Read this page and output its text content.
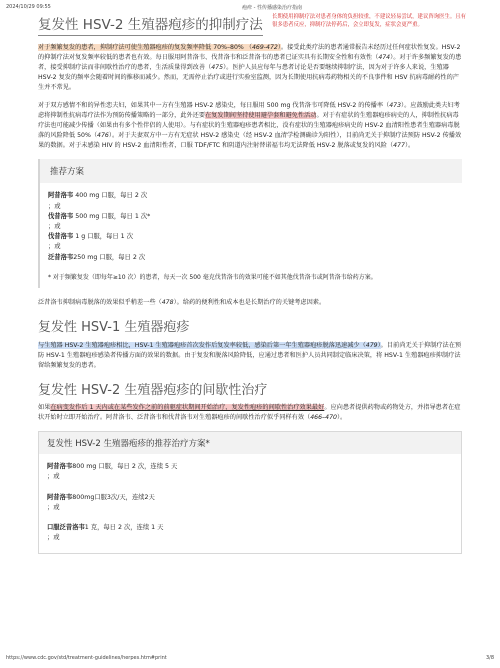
2024/10/29 09:55	疱疹 - 性传播感染治疗指南
复发性 HSV-2 生殖器疱疹的抑制疗法 长期使用抑制疗法对患者身体的负担较重，不建议轻易尝试，建议咨询医生。且有很多患者反应，抑制疗法停药后，会立即复发，症状会更严重。

对于频繁复发的患者，抑制疗法可使生殖器疱疹的复发频率降低 70%–80% （469-472）。接受此类疗法的患者通常报告未经历过任何症状性复发。HSV-2 的抑制疗法对复发频率较低的患者也有效。每日服用阿昔洛韦、伐昔洛韦和泛昔洛韦的患者已证实具有长期安全性和有效性（474）。对于许多频繁复发的患者，接受抑制疗法而非间歇性治疗的患者，生活质量得到改善（475）。医护人员应每年与患者讨论是否要继续抑制疗法，因为对于许多人来说，生殖器 HSV-2 复发的频率会随着时间的推移而减少。然而，无需停止治疗或进行实验室监测，因为长期使用抗病毒药物相关的不良事件和 HSV 抗病毒耐药性的产生并不常见。

对于双方感情不和的异性恋夫妇，如果其中一方有生殖器 HSV-2 感染史，每日服用 500 mg 伐昔洛韦可降低 HSV-2 的传播率（473）。应鼓励此类夫妇考虑将抑制性抗病毒疗法作为预防传播策略的一部分，此外还要在复发期间坚持使用避孕套和避免性活动。对于有症状的生殖器疱疹病史的人，抑制性抗病毒疗法也可能减少传播（如果由有多个性伴侣的人使用）。与有症状的生殖器疱疹患者相比，没有症状的生殖器疱疹病史的 HSV-2 血清阳性患者生殖器病毒脱落的风险降低 50%（476）。对于夫妻双方中一方有无症状 HSV-2 感染史（经 HSV-2 血清学检测确诊为阳性），目前尚无关于抑制疗法预防 HSV-2 传播效果的数据。对于未感染 HIV 的 HSV-2 血清阳性者，口服 TDF/FTC 和阴道内注射替诺福韦均无法降低 HSV-2 脱落或复发的风险（477）。

推荐方案
阿昔洛韦 400 mg 口服，每日 2 次
；或
伐昔洛韦 500 mg 口服，每日 1 次*
；或
伐昔洛韦 1 g 口服，每日 1 次
；或
泛昔洛韦250 mg 口服，每日 2 次
* 对于频繁复发（即每年≥10 次）的患者，每天一次 500 毫克伐昔洛韦的效果可能不如其他伐昔洛韦或阿昔洛韦给药方案。

泛昔洛韦抑制病毒脱落的效果似乎稍差一些（478）。给药的便利性和成本也是长期治疗的关键考虑因素。

复发性 HSV-1 生殖器疱疹

与生殖器 HSV-2 生殖器疱疹相比，HSV-1 生殖器疱疹首次发作后复发率较低，感染后第一年生殖器疱疹脱落迅速减少（479）。目前尚无关于抑制疗法在预防 HSV-1 生殖器疱疹感染者传播方面的效果的数据。由于复发和脱落风险降低，应通过患者和医护人员共同制定临床决策，将 HSV-1 生殖器疱疹抑制疗法留给频繁复发的患者。

复发性 HSV-2 生殖器疱疹的间歇性治疗

如果在病变发作后 1 天内或在某些发作之前的前驱症状期间开始治疗，复发性疱疹的间歇性治疗效果最好。应向患者提供药物或药物处方，并指导患者在症状开始时立即开始治疗。阿昔洛韦、泛昔洛韦和伐昔洛韦对生殖器疱疹的间歇性治疗似乎同样有效（466–470）。

复发性 HSV-2 生殖器疱疹的推荐治疗方案*
阿昔洛韦800 mg 口服，每日 2 次，连续 5 天
；或
阿昔洛韦800mg口服3次/天，连续2天
；或
口服泛昔洛韦1 克，每日 2 次，连续 1 天
；或
https://www.cdc.gov/std/treatment-guidelines/herpes.htm#print	3/8
